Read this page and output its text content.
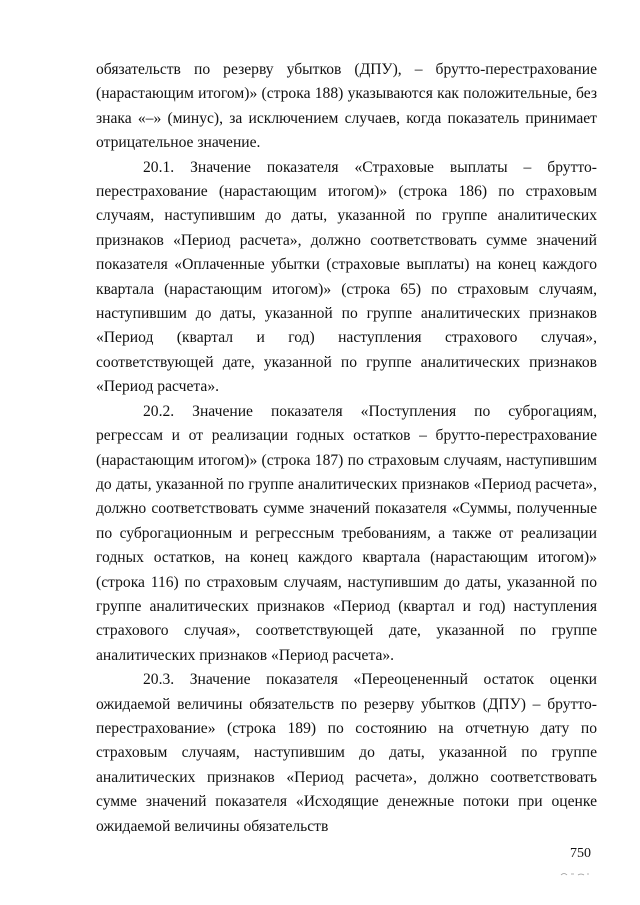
обязательств по резерву убытков (ДПУ), – брутто-перестрахование (нарастающим итогом)» (строка 188) указываются как положительные, без знака «–» (минус), за исключением случаев, когда показатель принимает отрицательное значение.

20.1. Значение показателя «Страховые выплаты – брутто-перестрахование (нарастающим итогом)» (строка 186) по страховым случаям, наступившим до даты, указанной по группе аналитических признаков «Период расчета», должно соответствовать сумме значений показателя «Оплаченные убытки (страховые выплаты) на конец каждого квартала (нарастающим итогом)» (строка 65) по страховым случаям, наступившим до даты, указанной по группе аналитических признаков «Период (квартал и год) наступления страхового случая», соответствующей дате, указанной по группе аналитических признаков «Период расчета».

20.2. Значение показателя «Поступления по суброгациям, регрессам и от реализации годных остатков – брутто-перестрахование (нарастающим итогом)» (строка 187) по страховым случаям, наступившим до даты, указанной по группе аналитических признаков «Период расчета», должно соответствовать сумме значений показателя «Суммы, полученные по суброгационным и регрессным требованиям, а также от реализации годных остатков, на конец каждого квартала (нарастающим итогом)» (строка 116) по страховым случаям, наступившим до даты, указанной по группе аналитических признаков «Период (квартал и год) наступления страхового случая», соответствующей дате, указанной по группе аналитических признаков «Период расчета».

20.3. Значение показателя «Переоцененный остаток оценки ожидаемой величины обязательств по резерву убытков (ДПУ) – брутто-перестрахование» (строка 189) по состоянию на отчетную дату по страховым случаям, наступившим до даты, указанной по группе аналитических признаков «Период расчета», должно соответствовать сумме значений показателя «Исходящие денежные потоки при оценке ожидаемой величины обязательств

750
